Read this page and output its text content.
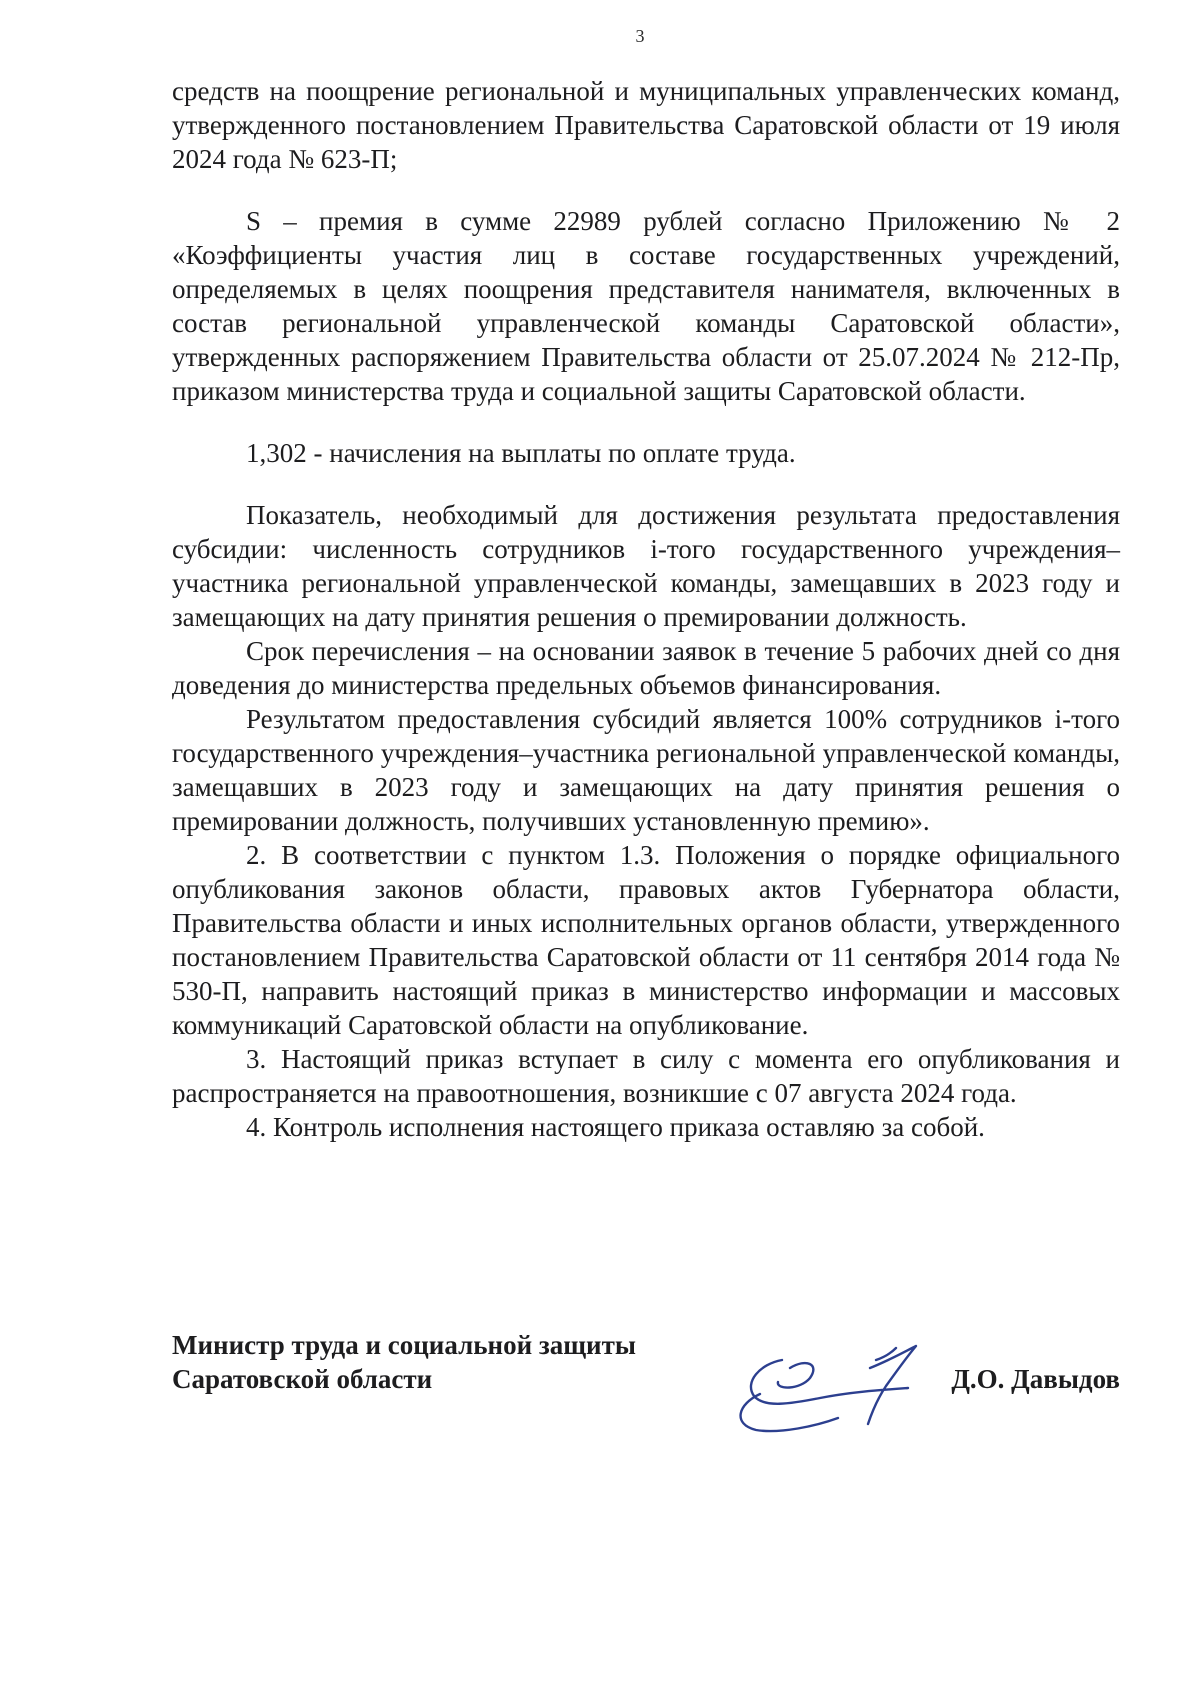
3

средств на поощрение региональной и муниципальных управленческих команд, утвержденного постановлением Правительства Саратовской области от 19 июля 2024 года № 623-П;

S – премия в сумме 22989 рублей согласно Приложению № 2 «Коэффициенты участия лиц в составе государственных учреждений, определяемых в целях поощрения представителя нанимателя, включенных в состав региональной управленческой команды Саратовской области», утвержденных распоряжением Правительства области от 25.07.2024 № 212-Пр, приказом министерства труда и социальной защиты Саратовской области.

1,302 - начисления на выплаты по оплате труда.

Показатель, необходимый для достижения результата предоставления субсидии: численность сотрудников i-того государственного учреждения–участника региональной управленческой команды, замещавших в 2023 году и замещающих на дату принятия решения о премировании должность.

Срок перечисления – на основании заявок в течение 5 рабочих дней со дня доведения до министерства предельных объемов финансирования.

Результатом предоставления субсидий является 100% сотрудников i-того государственного учреждения–участника региональной управленческой команды, замещавших в 2023 году и замещающих на дату принятия решения о премировании должность, получивших установленную премию».

2. В соответствии с пунктом 1.3. Положения о порядке официального опубликования законов области, правовых актов Губернатора области, Правительства области и иных исполнительных органов области, утвержденного постановлением Правительства Саратовской области от 11 сентября 2014 года № 530-П, направить настоящий приказ в министерство информации и массовых коммуникаций Саратовской области на опубликование.

3. Настоящий приказ вступает в силу с момента его опубликования и распространяется на правоотношения, возникшие с 07 августа 2024 года.

4. Контроль исполнения настоящего приказа оставляю за собой.

Министр труда и социальной защиты
Саратовской области	Д.О. Давыдов
